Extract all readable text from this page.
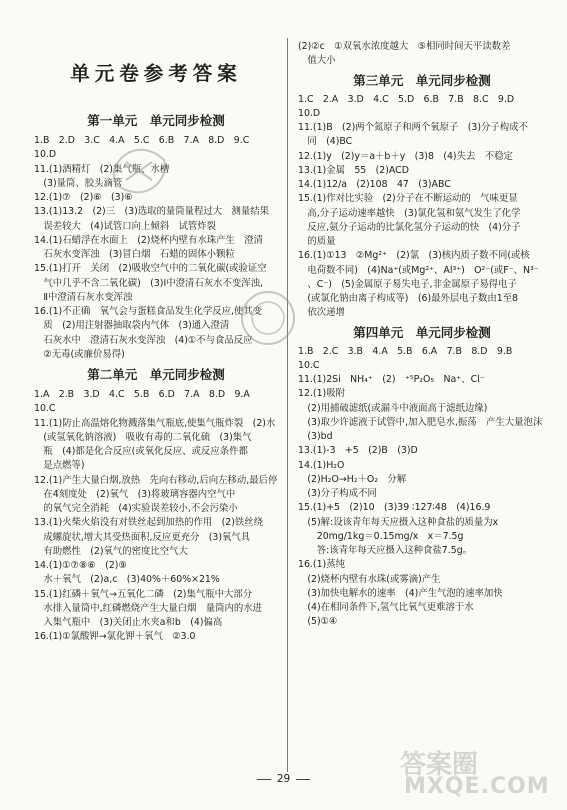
单元卷参考答案
第一单元　单元同步检测
1.B　2.D　3.C　4.A　5.C　6.B　7.A　8.D　9.C
10.D
11.(1)酒精灯　(2)集气瓶、水槽
　(3)量筒、胶头滴管
12.(1)⑦　(2)⑥　(3)⑥
13.(1)13.2　(2)三　(3)选取的量筒量程过大　测量结果
　误差较大　(4)试管口向上倾斜　试管炸裂
14.(1)石蜡浮在水面上　(2)烧杯内壁有水珠产生　澄清
　石灰水变浑浊　(3)冒白烟　石蜡的固体小颗粒
15.(1)打开　关闭　(2)吸收空气中的二氧化碳(或验证空
　气中几乎不含二氧化碳)　(3)Ⅰ中澄清石灰水不变浑浊,
　Ⅱ中澄清石灰水变浑浊
16.(1)不正确　氧气会与蛋糕食品发生化学反应,使其变
　质　(2)用注射器抽取袋内气体　(3)通入澄清
　石灰水中　澄清石灰水变浑浊　(4)①不与食品反应
　②无毒(或廉价易得)
第二单元　单元同步检测
1.A　2.B　3.D　4.C　5.B　6.D　7.A　8.D　9.A
10.C
11.(1)防止高温熔化物溅落集气瓶底,使集气瓶炸裂　(2)水
　(或氢氧化钠溶液)　吸收有毒的二氧化硫　(3)集气
　瓶　(4)都是化合反应(或氧化反应、或反应条件都
　是点燃等)
12.(1)产生大量白烟,放热　先向右移动,后向左移动,最后停
　在4刻度处　(2)氧气　(3)将玻璃容器内空气中
　的氧气完全消耗　(4)实验误差较小,不会污染小
13.(1)火柴火焰没有对铁丝起到加热的作用　(2)铁丝绕
　成螺旋状,增大其受热面积,反应更充分　(3)氧气具
　有助燃性　(2)氧气的密度比空气大
14.(1)①⑦⑧⑥　(2)⑨
　水＋氧气　(2)a,c　(3)40%＋60%×21%
15.(1)红磷＋氧气→五氧化二磷　(2)集气瓶中大部分
　水排入量筒中,红磷燃烧产生大量白烟　量筒内的水进
　入集气瓶中　(3)关闭止水夹a和b　(4)偏高
16.(1)①氯酸钾→氯化钾＋氧气　②3.0
(2)②c　①双氧水浓度越大　⑤相同时间天平读数差
　值大小
第三单元　单元同步检测
1.C　2.A　3.D　4.C　5.D　6.B　7.B　8.C　9.D
10.D
11.(1)B　(2)两个氮原子和两个氧原子　(3)分子构成不
　同　(4)BC
12.(1)y　(2)y＝a＋b＋y　(3)8　(4)失去　不稳定
13.(1)金属　55　(2)ACD
14.(1)12/a　(2)108　47　(3)ABC
15.(1)作对比实验　(2)分子在不断运动的　气味更显
　高,分子运动速率越快　(3)氯化氢和氨气发生了化学
　反应,氨分子运动的比氯化氢分子运动的快　(4)分子
　的质量
16.(1)①13　②Mg²⁺　(2)氯　(3)核内质子数不同(或核
　电荷数不同)　(4)Na⁺(或Mg²⁺、Al³⁺)　O²⁻(或F⁻、N³⁻
　、C⁻)　(5)金属原子易失电子,非金属原子易得电子
　(或氯化钠由离子构成等)　(6)最外层电子数由1至8
　依次递增
第四单元　单元同步检测
1.B　2.C　3.B　4.A　5.B　6.A　7.B　8.D　9.B
10.C
11.(1)2Si　NH₄⁺　(2)　⁺⁵P₂O₅　Na⁺、Cl⁻
12.(1)吸附
　(2)用捕破滤纸(或漏斗中液面高于滤纸边缘)
　(3)取少许滤液于试管中,加入肥皂水,振荡　产生大量泡沫
　(3)bd
13.(1)-3　+5　(2)B　(3)D
14.(1)H₂O
　(2)H₂O→H₂＋O₂　分解
　(3)分子构成不同
15.(1)+5　(2)10　(3)39 ∶127∶48　(4)16.9
　(5)解:设该青年每天应摄入这种食盐的质量为x
　　20mg/1kg＝0.15mg/x　x＝7.5g
　　答:该青年每天应摄入这种食盐7.5g。
16.(1)蒸纯
　(2)烧杯内壁有水珠(或雾滴)产生
　(3)加快电解水的速率　(4)产生气泡的速率加快
　(4)在相同条件下,氢气比氧气更难溶于水
　(5)①④
答案圈
MXQE.COM
29
